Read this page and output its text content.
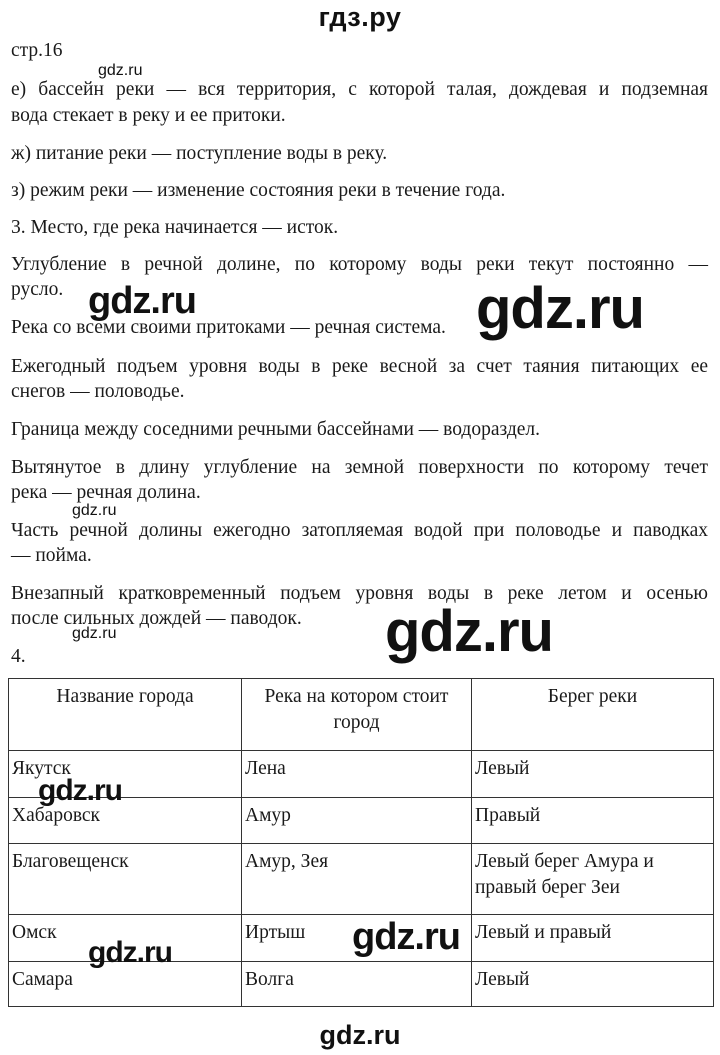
гдз.ру
стр.16
gdz.ru
е) бассейн реки — вся территория, с которой талая, дождевая и подземная
вода стекает в реку и ее притоки.
ж) питание реки — поступление воды в реку.
з) режим реки — изменение состояния реки в течение года.
3. Место, где река начинается — исток.
Углубление в речной долине, по которому воды реки текут постоянно —
русло. gdz.ru
Река со всеми своими притоками — речная система. gdz.ru
Ежегодный подъем уровня воды в реке весной за счет таяния питающих ее
снегов — половодье.
Граница между соседними речными бассейнами — водораздел.
Вытянутое в длину углубление на земной поверхности по которому течет
река — речная долина.
gdz.ru
Часть речной долины ежегодно затопляемая водой при половодье и паводках
— пойма.
Внезапный кратковременный подъем уровня воды в реке летом и осенью
после сильных дождей — паводок. gdz.ru
gdz.ru
4.
Название города	Река на котором стоит город	Берег реки
Якутск	Лена	Левый
Хабаровск	Амур	Правый
Благовещенск	Амур, Зея	Левый берег Амура и правый берег Зеи
Омск	Иртыш	Левый и правый
Самара	Волга	Левый
gdz.ru
gdz.ru	gdz.ru
gdz.ru
